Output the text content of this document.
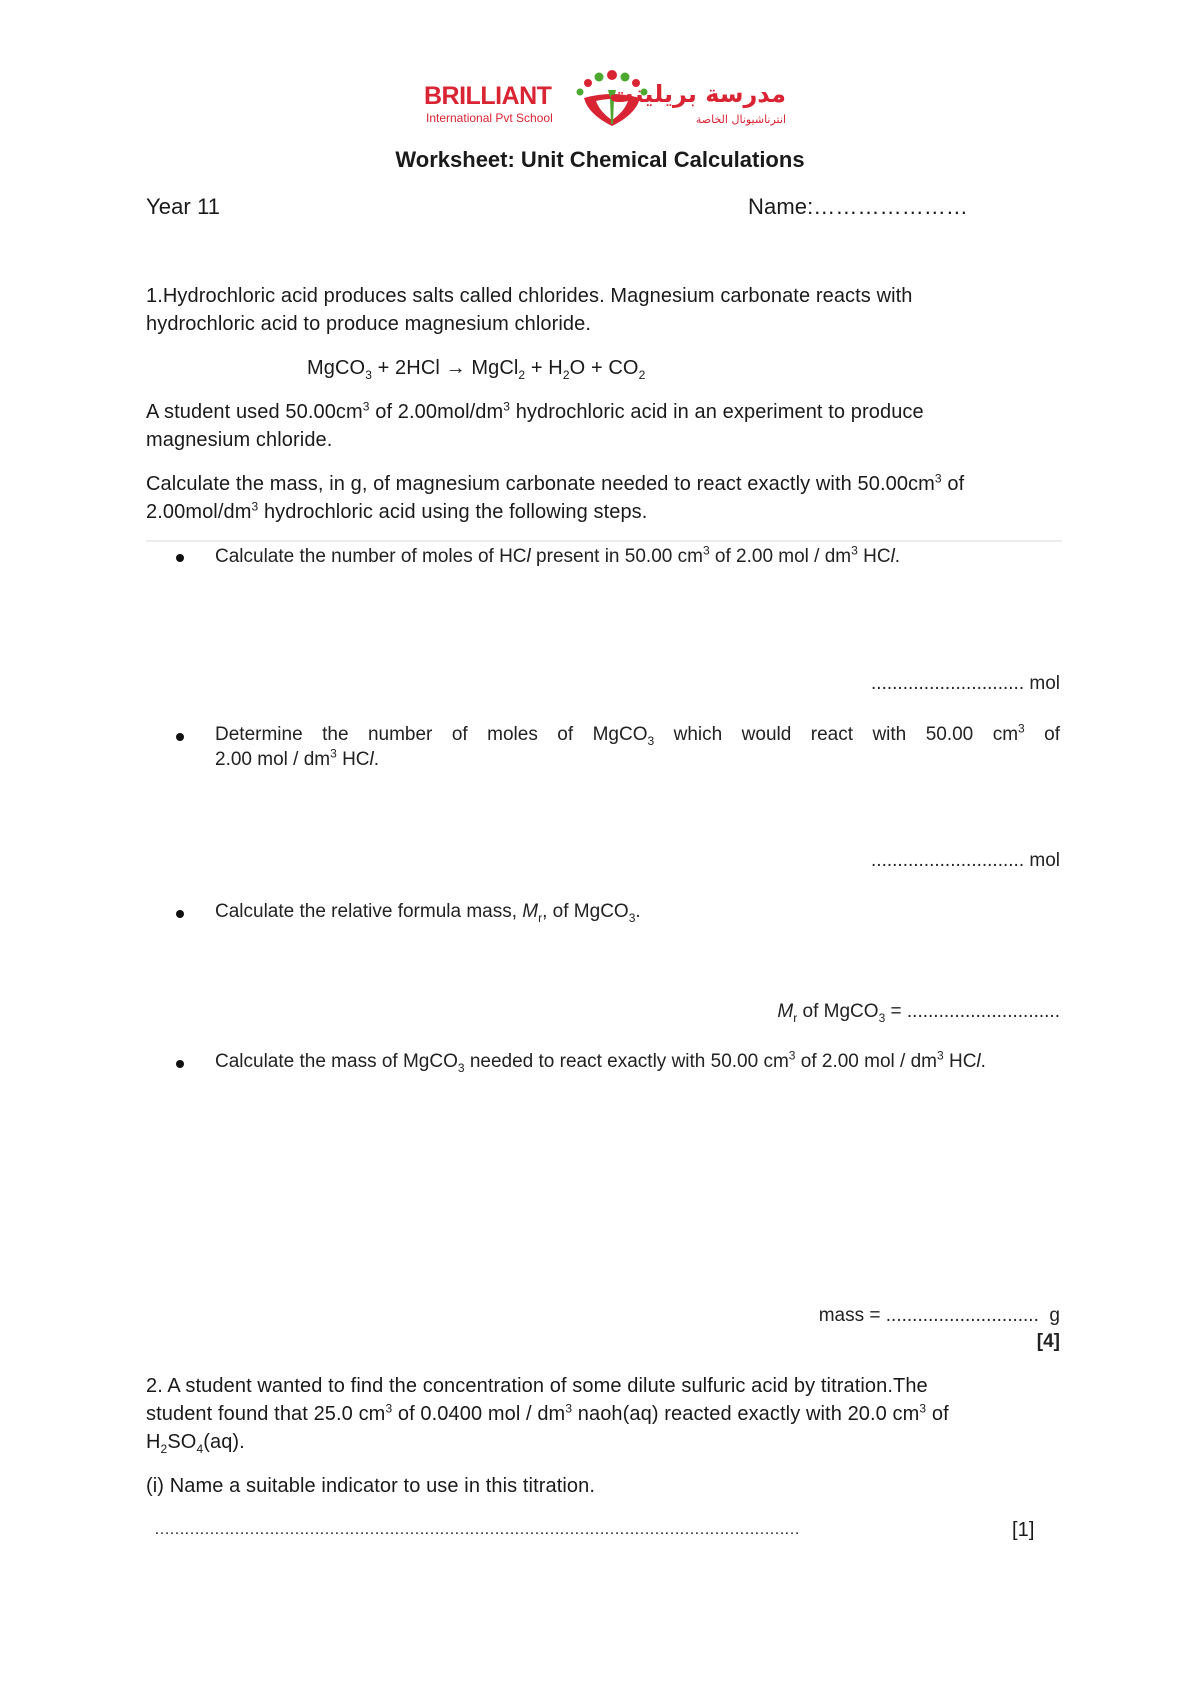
BRILLIANT
International Pvt School
مدرسة بريلينت
انترناشيونال الخاصة
Worksheet: Unit Chemical Calculations
Year 11	Name:…………………
1.Hydrochloric acid produces salts called chlorides. Magnesium carbonate reacts with
hydrochloric acid to produce magnesium chloride.
MgCO$_3$ + 2HCl → MgCl$_2$ + $H_2O + CO_2$
A student used $50.00cm^3$ of $2.00mol/dm^3$ hydrochloric acid in an experiment to produce
magnesium chloride.
Calculate the mass, in g, of magnesium carbonate needed to react exactly with $50.00cm^3$ of
$2.00mol/dm^3$ hydrochloric acid using the following steps.
Calculate the number of moles of HCl present in 50.00 $cm^3$ of 2.00 mol / $dm^3$ HCl.
............................. mol
Determine the number of moles of MgCO$_3$ which would react with 50.00 $cm^3$ of
2.00 mol / $dm^3$ HCl.
............................. mol
Calculate the relative formula mass, $M_r$, of MgCO$_3$.
$M_r$ of MgCO$_3$ = .............................
Calculate the mass of MgCO$_3$ needed to react exactly with 50.00 $cm^3$ of 2.00 mol / $dm^3$ HCl.
mass = .............................  g
[4]
2. A student wanted to find the concentration of some dilute sulfuric acid by titration.The
student found that 25.0 $cm^3$ of 0.0400 mol / $dm^3$ naoh(aq) reacted exactly with 20.0 $cm^3$ of
$H_2SO_4(aq)$.
(i) Name a suitable indicator to use in this titration.
…………………………………………………………………………………………………………………	[1]
